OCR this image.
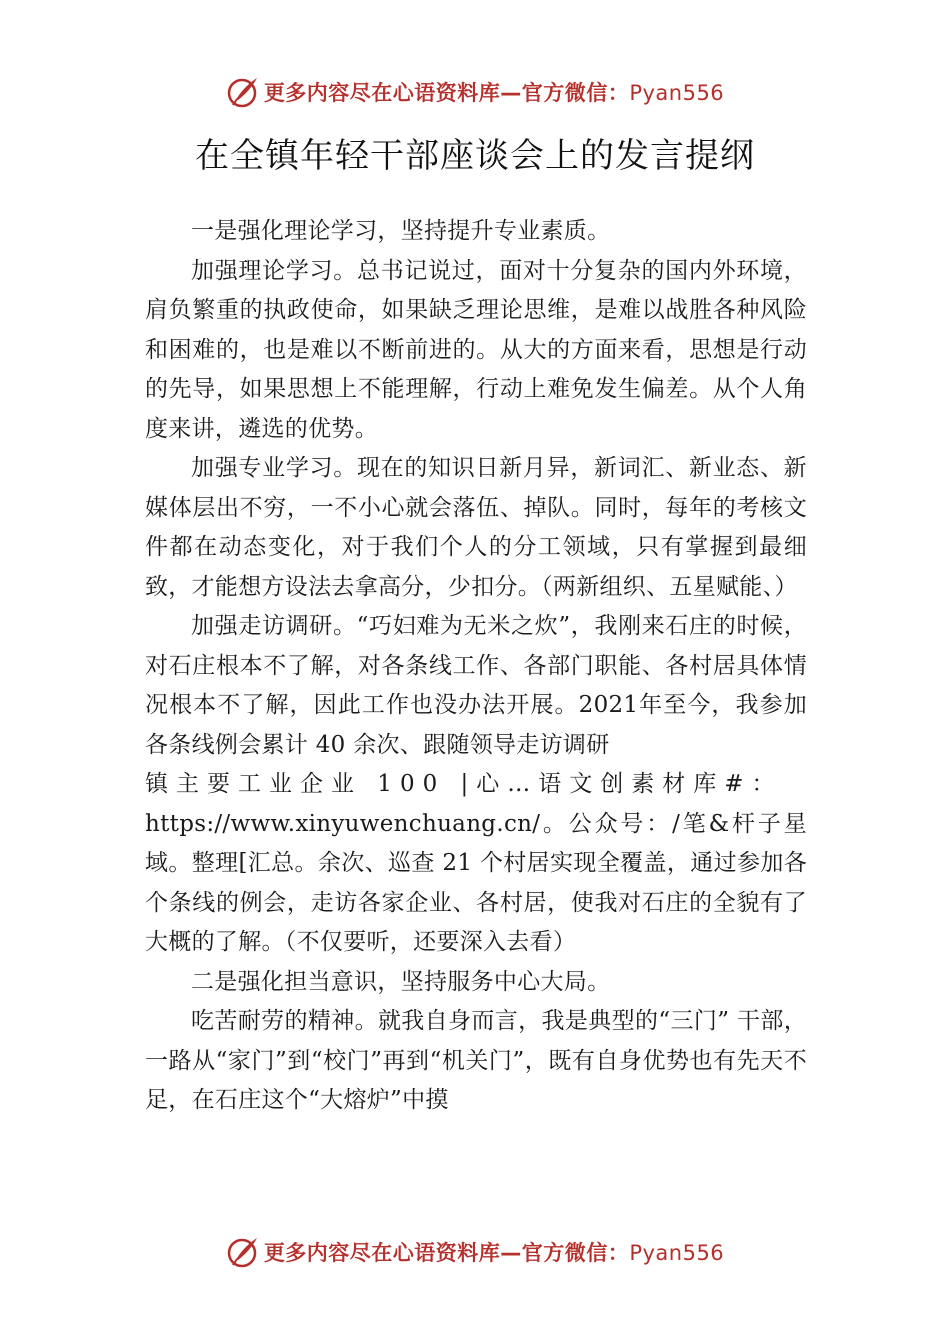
更多内容尽在心语资料库—官方微信：Pyan556
在全镇年轻干部座谈会上的发言提纲

一是强化理论学习，坚持提升专业素质。

加强理论学习。总书记说过，面对十分复杂的国内外环境，肩负繁重的执政使命，如果缺乏理论思维，是难以战胜各种风险和困难的，也是难以不断前进的。从大的方面来看，思想是行动的先导，如果思想上不能理解，行动上难免发生偏差。从个人角度来讲，遴选的优势。

加强专业学习。现在的知识日新月异，新词汇、新业态、新媒体层出不穷，一不小心就会落伍、掉队。同时，每年的考核文件都在动态变化，对于我们个人的分工领域，只有掌握到最细致，才能想方设法去拿高分，少扣分。（两新组织、五星赋能、）

加强走访调研。“巧妇难为无米之炊”，我刚来石庄的时候，对石庄根本不了解，对各条线工作、各部门职能、各村居具体情况根本不了解，因此工作也没办法开展。2021年至今，我参加各条线例会累计 40 余次、跟随领导走访调研

镇主要工业企业 100 |心…语文创素材库#：

https://www.xinyuwenchuang.cn/。公众号：/笔&杆子星域。整理[汇总。余次、巡查 21 个村居实现全覆盖，通过参加各个条线的例会，走访各家企业、各村居，使我对石庄的全貌有了大概的了解。（不仅要听，还要深入去看）

二是强化担当意识，坚持服务中心大局。

吃苦耐劳的精神。就我自身而言，我是典型的“三门” 干部，一路从“家门”到“校门”再到“机关门”，既有自身优势也有先天不足，在石庄这个“大熔炉”中摸

更多内容尽在心语资料库—官方微信：Pyan556
